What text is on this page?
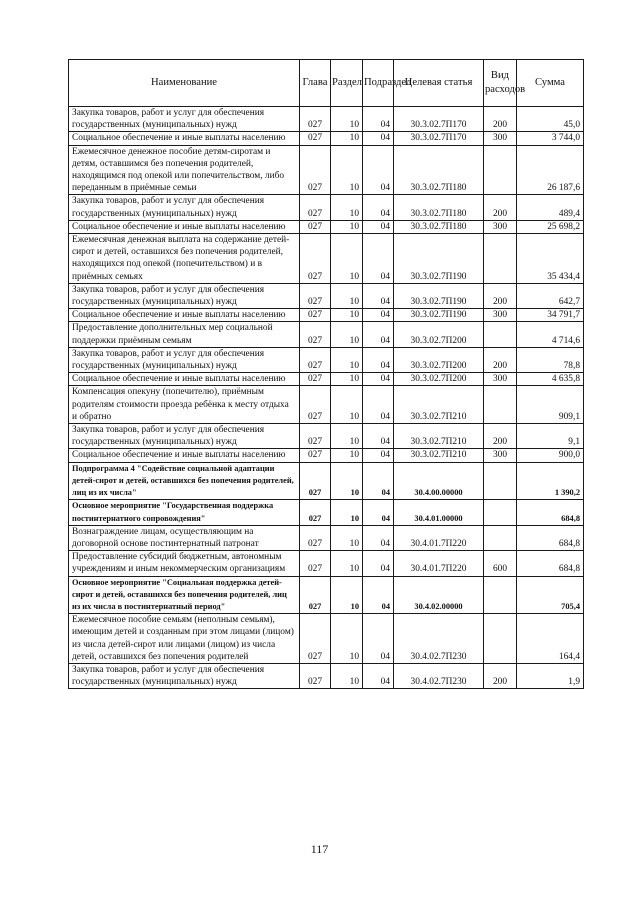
Наименование	Глава	Раздел	Подраздел	Целевая статья	Вид расходов	Сумма
Закупка товаров, работ и услуг для обеспечения государственных (муниципальных) нужд	027	10	04	30.3.02.7П170	200	45,0
Социальное обеспечение и иные выплаты населению	027	10	04	30.3.02.7П170	300	3 744,0
Ежемесячное денежное пособие детям-сиротам и детям, оставшимся без попечения родителей, находящимся под опекой или попечительством, либо переданным в приёмные семьи	027	10	04	30.3.02.7П180		26 187,6
Закупка товаров, работ и услуг для обеспечения государственных (муниципальных) нужд	027	10	04	30.3.02.7П180	200	489,4
Социальное обеспечение и иные выплаты населению	027	10	04	30.3.02.7П180	300	25 698,2
Ежемесячная денежная выплата на содержание детей-сирот и детей, оставшихся без попечения родителей, находящихся под опекой (попечительством) и в приёмных семьях	027	10	04	30.3.02.7П190		35 434,4
Закупка товаров, работ и услуг для обеспечения государственных (муниципальных) нужд	027	10	04	30.3.02.7П190	200	642,7
Социальное обеспечение и иные выплаты населению	027	10	04	30.3.02.7П190	300	34 791,7
Предоставление дополнительных мер социальной поддержки приёмным семьям	027	10	04	30.3.02.7П200		4 714,6
Закупка товаров, работ и услуг для обеспечения государственных (муниципальных) нужд	027	10	04	30.3.02.7П200	200	78,8
Социальное обеспечение и иные выплаты населению	027	10	04	30.3.02.7П200	300	4 635,8
Компенсация опекуну (попечителю), приёмным родителям стоимости проезда ребёнка к месту отдыха и обратно	027	10	04	30.3.02.7П210		909,1
Закупка товаров, работ и услуг для обеспечения государственных (муниципальных) нужд	027	10	04	30.3.02.7П210	200	9,1
Социальное обеспечение и иные выплаты населению	027	10	04	30.3.02.7П210	300	900,0
Подпрограмма 4 "Содействие социальной адаптации детей-сирот и детей, оставшихся без попечения родителей, лиц из их числа"	027	10	04	30.4.00.00000		1 390,2
Основное мероприятие "Государственная поддержка постинтернатного сопровождения"	027	10	04	30.4.01.00000		684,8
Вознаграждение лицам, осуществляющим на договорной основе постинтернатный патронат	027	10	04	30.4.01.7П220		684,8
Предоставление субсидий бюджетным, автономным учреждениям и иным некоммерческим организациям	027	10	04	30.4.01.7П220	600	684,8
Основное мероприятие "Социальная поддержка детей-сирот и детей, оставшихся без попечения родителей, лиц из их числа в постинтернатный период"	027	10	04	30.4.02.00000		705,4
Ежемесячное пособие семьям (неполным семьям), имеющим детей и созданным при этом лицами (лицом) из числа детей-сирот или лицами (лицом) из числа детей, оставшихся без попечения родителей	027	10	04	30.4.02.7П230		164,4
Закупка товаров, работ и услуг для обеспечения государственных (муниципальных) нужд	027	10	04	30.4.02.7П230	200	1,9
117
